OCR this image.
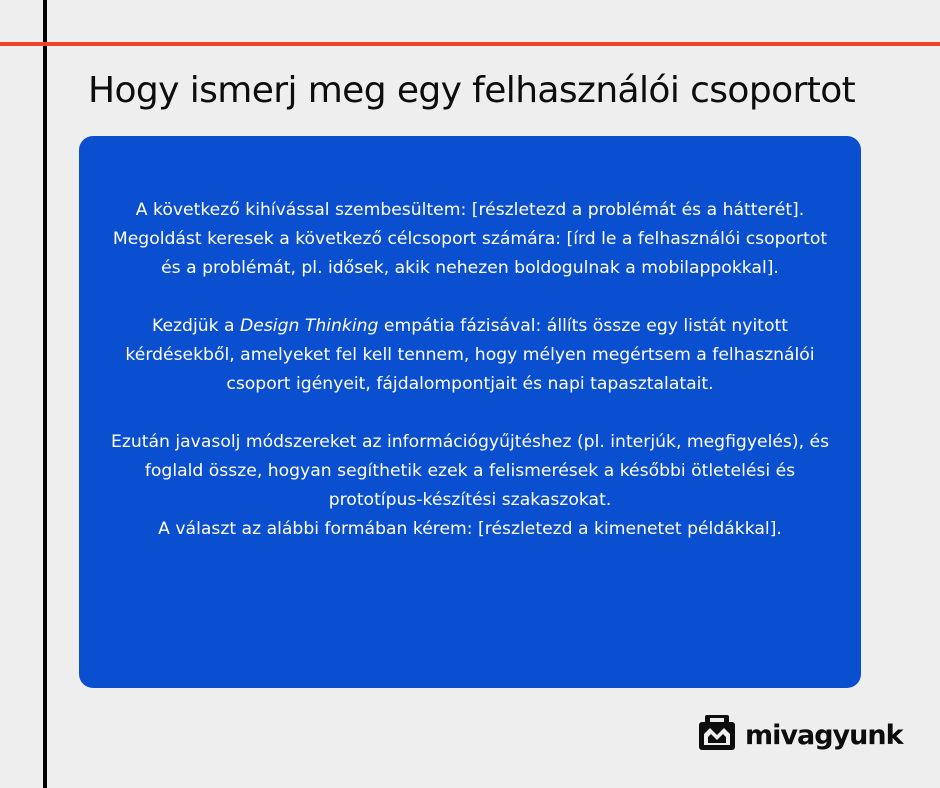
Hogy ismerj meg egy felhasználói csoportot

A következő kihívással szembesültem: [részletezd a problémát és a hátterét]. Megoldást keresek a következő célcsoport számára: [írd le a felhasználói csoportot és a problémát, pl. idősek, akik nehezen boldogulnak a mobilappokkal].

Kezdjük a Design Thinking empátia fázisával: állíts össze egy listát nyitott kérdésekből, amelyeket fel kell tennem, hogy mélyen megértsem a felhasználói csoport igényeit, fájdalompontjait és napi tapasztalatait.

Ezután javasolj módszereket az információgyűjtéshez (pl. interjúk, megfigyelés), és foglald össze, hogyan segíthetik ezek a felismerések a későbbi ötletelési és prototípus-készítési szakaszokat.

A választ az alábbi formában kérem: [részletezd a kimenetet példákkal].

mivagyunk
